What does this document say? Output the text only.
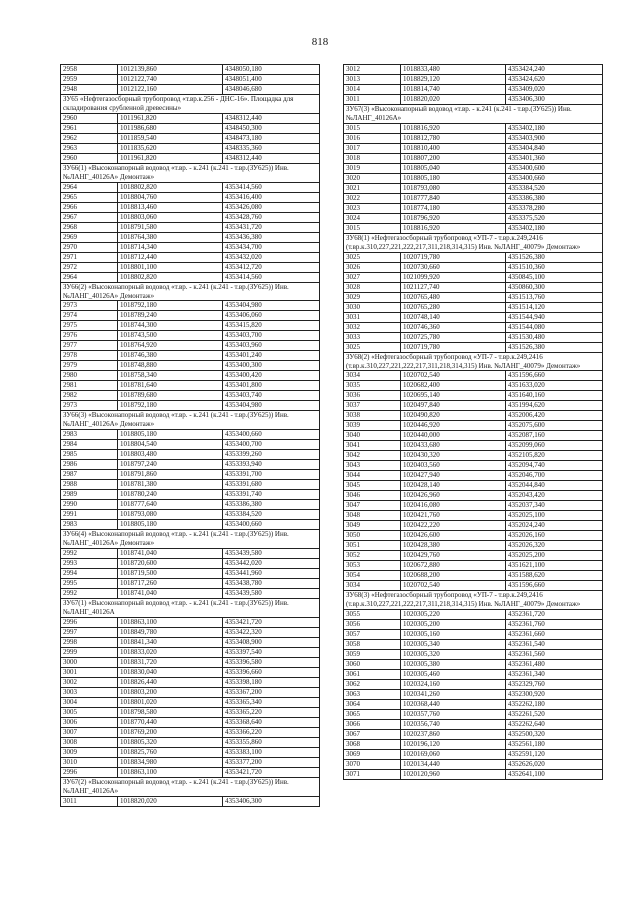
818
2958	1012139,860	4348050,180
2959	1012122,740	4348051,400
2948	1012122,160	4348046,680
ЗУ65 «Нефтегазосборный трубопровод «т.вр.к.256 - ДНС-16». Площадка для складирования срубленной древесины»		
2960	1011961,820	4348312,440
2961	1011986,680	4348450,300
2962	1011859,540	4348473,180
2963	1011835,620	4348335,360
2960	1011961,820	4348312,440
ЗУ66(1) «Высоконапорный водовод «т.вр. - к.241 (к.241 - т.вр.(ЗУ625)) Инв. №ЛАНГ_40126А» Демонтаж»		
2964	1018802,820	4353414,560
2965	1018804,760	4353416,400
2966	1018813,460	4353426,080
2967	1018803,060	4353428,760
2968	1018791,580	4353431,720
2969	1018764,380	4353436,380
2970	1018714,340	4353434,700
2971	1018712,440	4353432,020
2972	1018801,100	4353412,720
2964	1018802,820	4353414,560
ЗУ66(2) «Высоконапорный водовод «т.вр. - к.241 (к.241 - т.вр.(ЗУ625)) Инв. №ЛАНГ_40126А» Демонтаж»		
2973	1018792,180	4353404,980
2974	1018789,240	4353406,060
2975	1018744,300	4353415,820
2976	1018743,500	4353403,700
2977	1018764,920	4353403,960
2978	1018746,380	4353401,240
2979	1018748,880	4353400,300
2980	1018758,340	4353400,420
2981	1018781,640	4353401,800
2982	1018789,680	4353403,740
2973	1018792,180	4353404,980
ЗУ66(3) «Высоконапорный водовод «т.вр. - к.241 (к.241 - т.вр.(ЗУ625)) Инв. №ЛАНГ_40126А» Демонтаж»		
2983	1018805,180	4353400,660
2984	1018804,540	4353400,700
2985	1018803,480	4353399,260
2986	1018797,240	4353393,940
2987	1018791,860	4353391,700
2988	1018781,380	4353391,680
2989	1018780,240	4353391,740
2990	1018777,640	4353386,380
2991	1018793,080	4353384,520
2983	1018805,180	4353400,660
ЗУ66(4) «Высоконапорный водовод «т.вр. - к.241 (к.241 - т.вр.(ЗУ625)) Инв. №ЛАНГ_40126А» Демонтаж»		
2992	1018741,040	4353439,580
2993	1018720,600	4353442,020
2994	1018719,500	4353441,960
2995	1018717,260	4353438,780
2992	1018741,040	4353439,580
ЗУ67(1) «Высоконапорный водовод «т.вр. - к.241 (к.241 - т.вр.(ЗУ625)) Инв. №ЛАНГ_40126А		
2996	1018863,100	4353421,720
2997	1018849,780	4353422,320
2998	1018841,340	4353408,900
2999	1018833,020	4353397,540
3000	1018831,720	4353396,580
3001	1018830,040	4353396,660
3002	1018826,440	4353398,180
3003	1018803,200	4353367,200
3004	1018801,020	4353365,340
3005	1018798,580	4353365,220
3006	1018770,440	4353368,640
3007	1018769,200	4353366,220
3008	1018805,320	4353355,860
3009	1018825,760	4353383,100
3010	1018834,980	4353377,200
2996	1018863,100	4353421,720
ЗУ67(2) «Высоконапорный водовод «т.вр. - к.241 (к.241 - т.вр.(ЗУ625)) Инв. №ЛАНГ_40126А»		
3011	1018820,020	4353406,300
3012	1018833,480	4353424,240
3013	1018829,120	4353424,620
3014	1018814,740	4353409,020
3011	1018820,020	4353406,300
ЗУ67(3) «Высоконапорный водовод «т.вр. - к.241 (к.241 - т.вр.(ЗУ625)) Инв. №ЛАНГ_40126А»		
3015	1018816,920	4353402,180
3016	1018812,780	4353403,900
3017	1018810,400	4353404,840
3018	1018807,200	4353401,360
3019	1018805,040	4353400,600
3020	1018805,180	4353400,660
3021	1018793,080	4353384,520
3022	1018777,840	4353386,380
3023	1018774,180	4353378,280
3024	1018796,920	4353375,520
3015	1018816,920	4353402,180
ЗУ68(1) «Нефтегазосборный трубопровод «УП-7 - т.вр.к.249,2416 (т.вр.к.310,227,221,222,217,311,218,314,315) Инв. №ЛАНГ_40079» Демонтаж»		
3025	1020719,780	4351526,380
3026	1020730,660	4351510,360
3027	1021099,920	4350845,100
3028	1021127,740	4350860,300
3029	1020765,480	4351513,760
3030	1020765,280	4351514,120
3031	1020748,140	4351544,940
3032	1020746,360	4351544,080
3033	1020725,780	4351530,480
3025	1020719,780	4351526,380
ЗУ68(2) «Нефтегазосборный трубопровод «УП-7 - т.вр.к.249,2416 (т.вр.к.310,227,221,222,217,311,218,314,315) Инв. №ЛАНГ_40079» Демонтаж»		
3034	1020702,540	4351596,660
3035	1020682,400	4351633,020
3036	1020695,140	4351640,160
3037	1020497,840	4351994,620
3038	1020490,820	4352006,420
3039	1020446,920	4352075,600
3040	1020440,000	4352087,160
3041	1020433,680	4352099,060
3042	1020430,320	4352105,820
3043	1020403,560	4352094,740
3044	1020427,940	4352046,700
3045	1020428,140	4352044,840
3046	1020426,960	4352043,420
3047	1020416,080	4352037,340
3048	1020421,760	4352025,100
3049	1020422,220	4352024,240
3050	1020426,600	4352026,160
3051	1020428,380	4352026,320
3052	1020429,760	4352025,200
3053	1020672,880	4351621,100
3054	1020688,200	4351588,620
3034	1020702,540	4351596,660
ЗУ68(3) «Нефтегазосборный трубопровод «УП-7 - т.вр.к.249,2416 (т.вр.к.310,227,221,222,217,311,218,314,315) Инв. №ЛАНГ_40079» Демонтаж»		
3055	1020305,220	4352361,720
3056	1020305,200	4352361,760
3057	1020305,160	4352361,660
3058	1020305,340	4352361,540
3059	1020305,320	4352361,560
3060	1020305,380	4352361,480
3061	1020305,460	4352361,340
3062	1020324,160	4352329,760
3063	1020341,260	4352300,920
3064	1020368,440	4352262,180
3065	1020357,760	4352261,520
3066	1020356,740	4352262,640
3067	1020237,860	4352500,320
3068	1020196,120	4352561,180
3069	1020169,060	4352591,120
3070	1020134,440	4352626,020
3071	1020120,960	4352641,100
